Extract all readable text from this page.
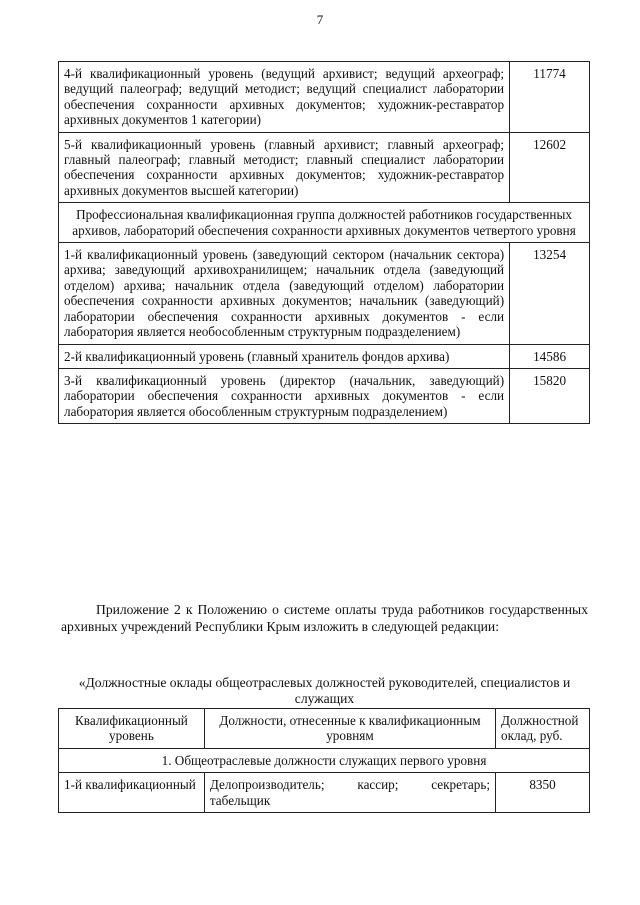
7
4-й квалификационный уровень (ведущий архивист; ведущий археограф; ведущий палеограф; ведущий методист; ведущий специалист лаборатории обеспечения сохранности архивных документов; художник-реставратор архивных документов 1 категории)	11774
5-й квалификационный уровень (главный архивист; главный археограф; главный палеограф; главный методист; главный специалист лаборатории обеспечения сохранности архивных документов; художник-реставратор архивных документов высшей категории)	12602
Профессиональная квалификационная группа должностей работников государственных архивов, лабораторий обеспечения сохранности архивных документов четвертого уровня	
1-й квалификационный уровень (заведующий сектором (начальник сектора) архива; заведующий архивохранилищем; начальник отдела (заведующий отделом) архива; начальник отдела (заведующий отделом) лаборатории обеспечения сохранности архивных документов; начальник (заведующий) лаборатории обеспечения сохранности архивных документов - если лаборатория является необособленным структурным подразделением)	13254
2-й квалификационный уровень (главный хранитель фондов архива)	14586
3-й квалификационный уровень (директор (начальник, заведующий) лаборатории обеспечения сохранности архивных документов - если лаборатория является обособленным структурным подразделением)	15820
Приложение 2 к Положению о системе оплаты труда работников государственных архивных учреждений Республики Крым изложить в следующей редакции:
«Должностные оклады общеотраслевых должностей руководителей, специалистов и служащих
Квалификационный уровень	Должности, отнесенные к квалификационным уровням	Должностной оклад, руб.
1. Общеотраслевые должности служащих первого уровня		
1-й квалификационный	Делопроизводитель; кассир; секретарь; табельщик	8350
